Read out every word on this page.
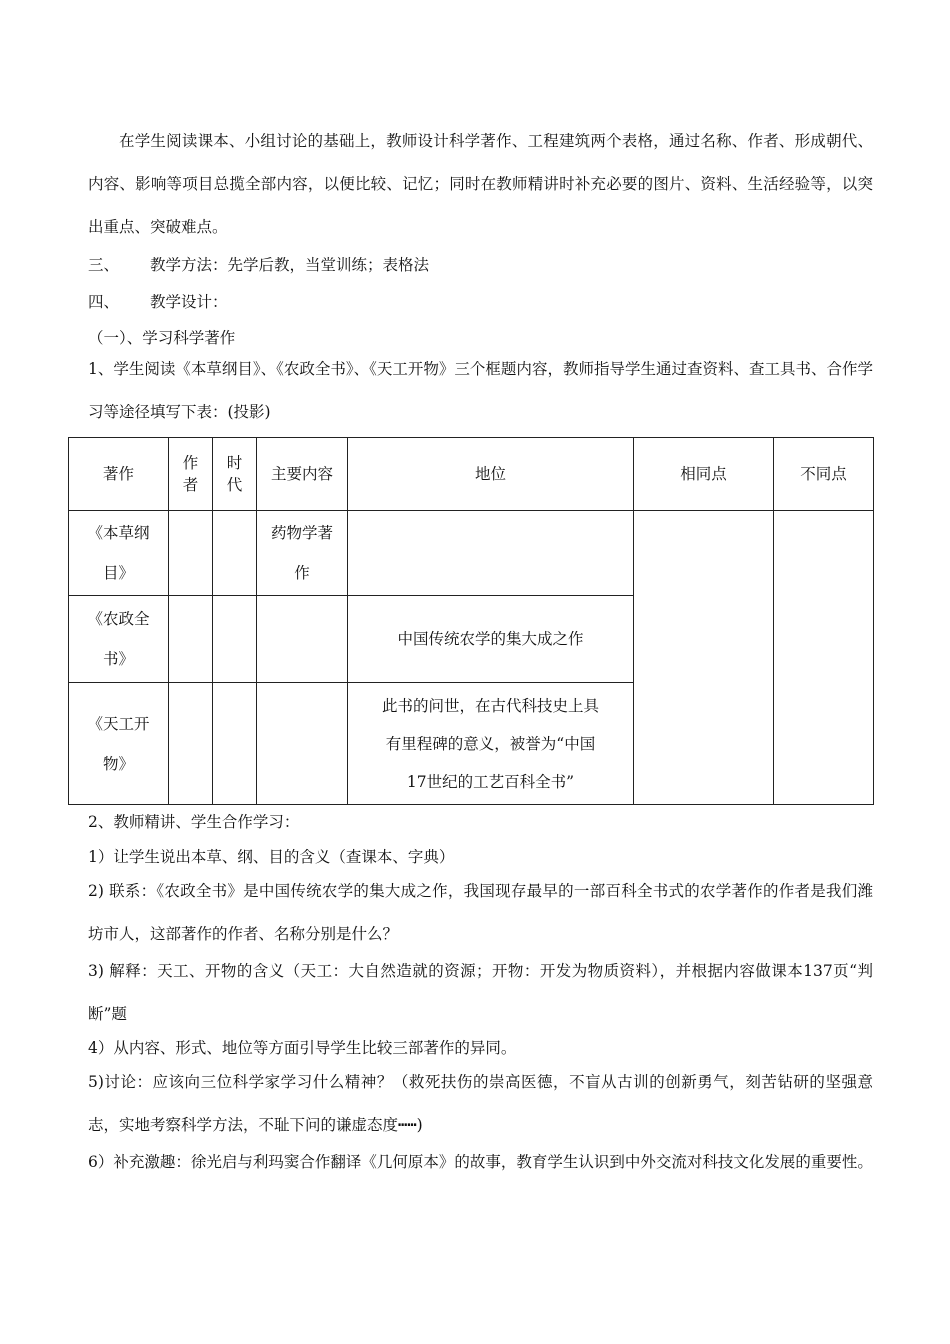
在学生阅读课本、小组讨论的基础上，教师设计科学著作、工程建筑两个表格，通过名称、作者、形成朝代、内容、影响等项目总揽全部内容，以便比较、记忆；同时在教师精讲时补充必要的图片、资料、生活经验等，以突出重点、突破难点。
三、 教学方法：先学后教，当堂训练；表格法
四、 教学设计：
（一）、学习科学著作
1、学生阅读《本草纲目》、《农政全书》、《天工开物》三个框题内容，教师指导学生通过查资料、查工具书、合作学习等途径填写下表：(投影)
著作	作者	时代	主要内容	地位	相同点	不同点
《本草纲目》			药物学著作			
《农政全书》				中国传统农学的集大成之作		
《天工开物》				此书的问世，在古代科技史上具有里程碑的意义，被誉为“中国17世纪的工艺百科全书”		
2、教师精讲、学生合作学习：
1）让学生说出本草、纲、目的含义（查课本、字典）
2) 联系：《农政全书》是中国传统农学的集大成之作，我国现存最早的一部百科全书式的农学著作的作者是我们潍坊市人，这部著作的作者、名称分别是什么？
3) 解释：天工、开物的含义（天工：大自然造就的资源；开物：开发为物质资料），并根据内容做课本137页“判断”题
4）从内容、形式、地位等方面引导学生比较三部著作的异同。
5)讨论：应该向三位科学家学习什么精神？（救死扶伤的崇高医德，不盲从古训的创新勇气，刻苦钻研的坚强意志，实地考察科学方法，不耻下问的谦虚态度┅┅)
6）补充激趣：徐光启与利玛窦合作翻译《几何原本》的故事，教育学生认识到中外交流对科技文化发展的重要性。
